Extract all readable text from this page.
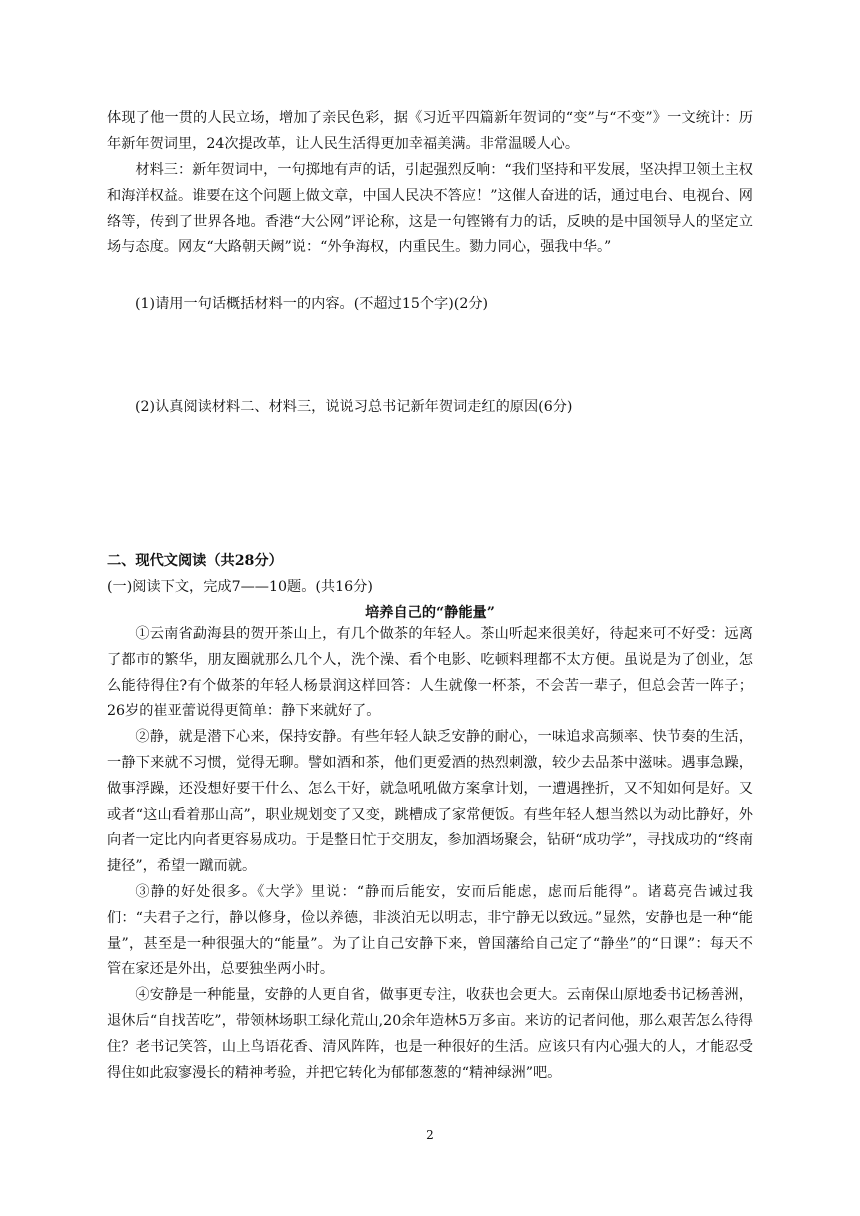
体现了他一贯的人民立场，增加了亲民色彩，据《习近平四篇新年贺词的“变”与“不变”》一文统计：历年新年贺词里，24次提改革，让人民生活得更加幸福美满。非常温暖人心。

材料三：新年贺词中，一句掷地有声的话，引起强烈反响：“我们坚持和平发展，坚决捍卫领土主权和海洋权益。谁要在这个问题上做文章，中国人民决不答应！”这催人奋进的话，通过电台、电视台、网络等，传到了世界各地。香港“大公网”评论称，这是一句铿锵有力的话，反映的是中国领导人的坚定立场与态度。网友“大路朝天阙”说：“外争海权，内重民生。勠力同心，强我中华。”

(1)请用一句话概括材料一的内容。(不超过15个字)(2分)

(2)认真阅读材料二、材料三，说说习总书记新年贺词走红的原因(6分)

二、现代文阅读（共28分）

(一)阅读下文，完成7——10题。(共16分)

培养自己的“静能量”

①云南省勐海县的贺开茶山上，有几个做茶的年轻人。茶山听起来很美好，待起来可不好受：远离了都市的繁华，朋友圈就那么几个人，洗个澡、看个电影、吃顿料理都不太方便。虽说是为了创业，怎么能待得住?有个做茶的年轻人杨景润这样回答：人生就像一杯茶，不会苦一辈子，但总会苦一阵子；26岁的崔亚蕾说得更简单：静下来就好了。

②静，就是潜下心来，保持安静。有些年轻人缺乏安静的耐心，一味追求高频率、快节奏的生活，一静下来就不习惯，觉得无聊。譬如酒和茶，他们更爱酒的热烈刺激，较少去品茶中滋味。遇事急躁，做事浮躁，还没想好要干什么、怎么干好，就急吼吼做方案拿计划，一遭遇挫折，又不知如何是好。又或者“这山看着那山高”，职业规划变了又变，跳槽成了家常便饭。有些年轻人想当然以为动比静好，外向者一定比内向者更容易成功。于是整日忙于交朋友，参加酒场聚会，钻研“成功学”，寻找成功的“终南捷径”，希望一蹴而就。

③静的好处很多。《大学》里说：“静而后能安，安而后能虑，虑而后能得”。诸葛亮告诫过我们：“夫君子之行，静以修身，俭以养德，非淡泊无以明志，非宁静无以致远。”显然，安静也是一种“能量”，甚至是一种很强大的“能量”。为了让自己安静下来，曾国藩给自己定了“静坐”的“日课”：每天不管在家还是外出，总要独坐两小时。

④安静是一种能量，安静的人更自省，做事更专注，收获也会更大。云南保山原地委书记杨善洲，退休后“自找苦吃”，带领林场职工绿化荒山,20余年造林5万多亩。来访的记者问他，那么艰苦怎么待得住？老书记笑答，山上鸟语花香、清风阵阵，也是一种很好的生活。应该只有内心强大的人，才能忍受得住如此寂寥漫长的精神考验，并把它转化为郁郁葱葱的“精神绿洲”吧。

2
